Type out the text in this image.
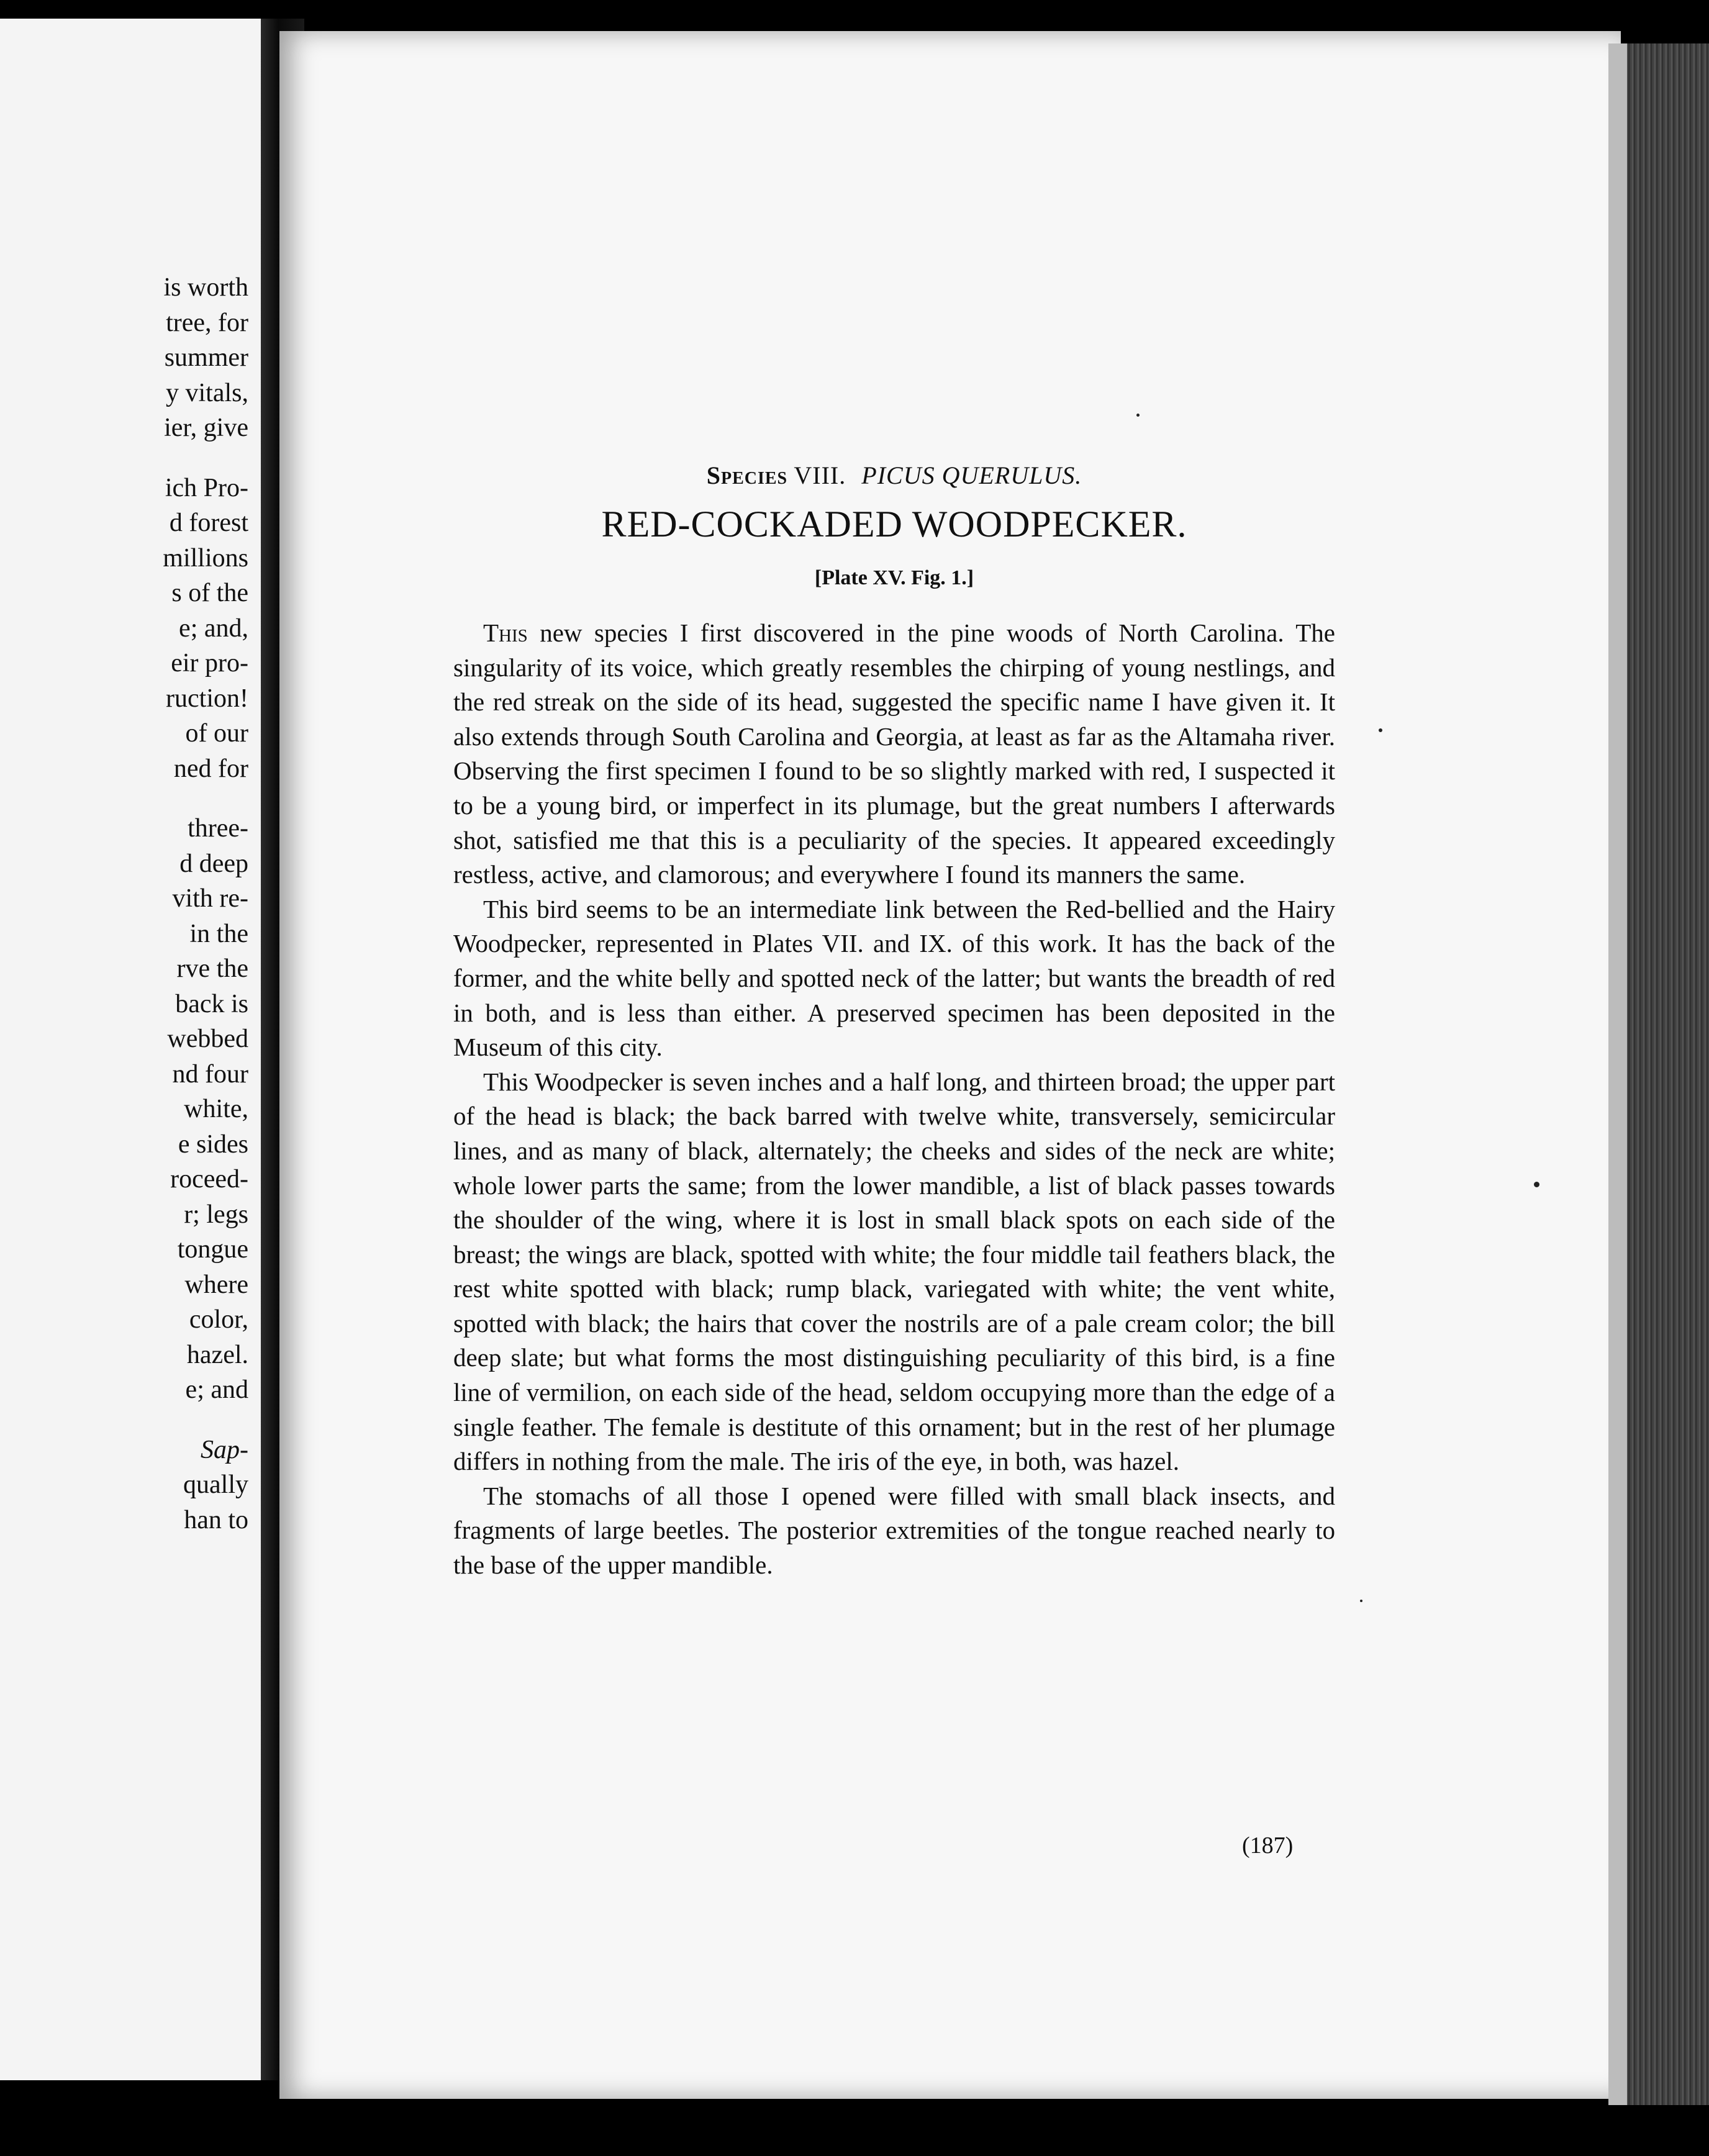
is worth
tree, for
summer
y vitals,
ier, give
ich Pro-
d forest
millions
s of the
e; and,
eir pro-
ruction!
of our
ned for
three-
d deep
vith re-
in the
rve the
back is
webbed
nd four
white,
e sides
roceed-
r; legs
tongue
where
color,
hazel.
e; and
Sap-
qually
han to
Species VIII. PICUS QUERULUS.
RED-COCKADED WOODPECKER.
[Plate XV. Fig. 1.]

This new species I first discovered in the pine woods of North Carolina. The singularity of its voice, which greatly resembles the chirping of young nestlings, and the red streak on the side of its head, suggested the specific name I have given it. It also extends through South Carolina and Georgia, at least as far as the Altamaha river. Observing the first specimen I found to be so slightly marked with red, I suspected it to be a young bird, or imperfect in its plumage, but the great numbers I afterwards shot, satisfied me that this is a peculiarity of the species. It appeared exceedingly restless, active, and clamorous; and everywhere I found its manners the same.

This bird seems to be an intermediate link between the Red-bellied and the Hairy Woodpecker, represented in Plates VII. and IX. of this work. It has the back of the former, and the white belly and spotted neck of the latter; but wants the breadth of red in both, and is less than either. A preserved specimen has been deposited in the Museum of this city.

This Woodpecker is seven inches and a half long, and thirteen broad; the upper part of the head is black; the back barred with twelve white, transversely, semicircular lines, and as many of black, alternately; the cheeks and sides of the neck are white; whole lower parts the same; from the lower mandible, a list of black passes towards the shoulder of the wing, where it is lost in small black spots on each side of the breast; the wings are black, spotted with white; the four middle tail feathers black, the rest white spotted with black; rump black, variegated with white; the vent white, spotted with black; the hairs that cover the nostrils are of a pale cream color; the bill deep slate; but what forms the most distinguishing peculiarity of this bird, is a fine line of vermilion, on each side of the head, seldom occupying more than the edge of a single feather. The female is destitute of this ornament; but in the rest of her plumage differs in nothing from the male. The iris of the eye, in both, was hazel.

The stomachs of all those I opened were filled with small black insects, and fragments of large beetles. The posterior extremities of the tongue reached nearly to the base of the upper mandible.

(187)
